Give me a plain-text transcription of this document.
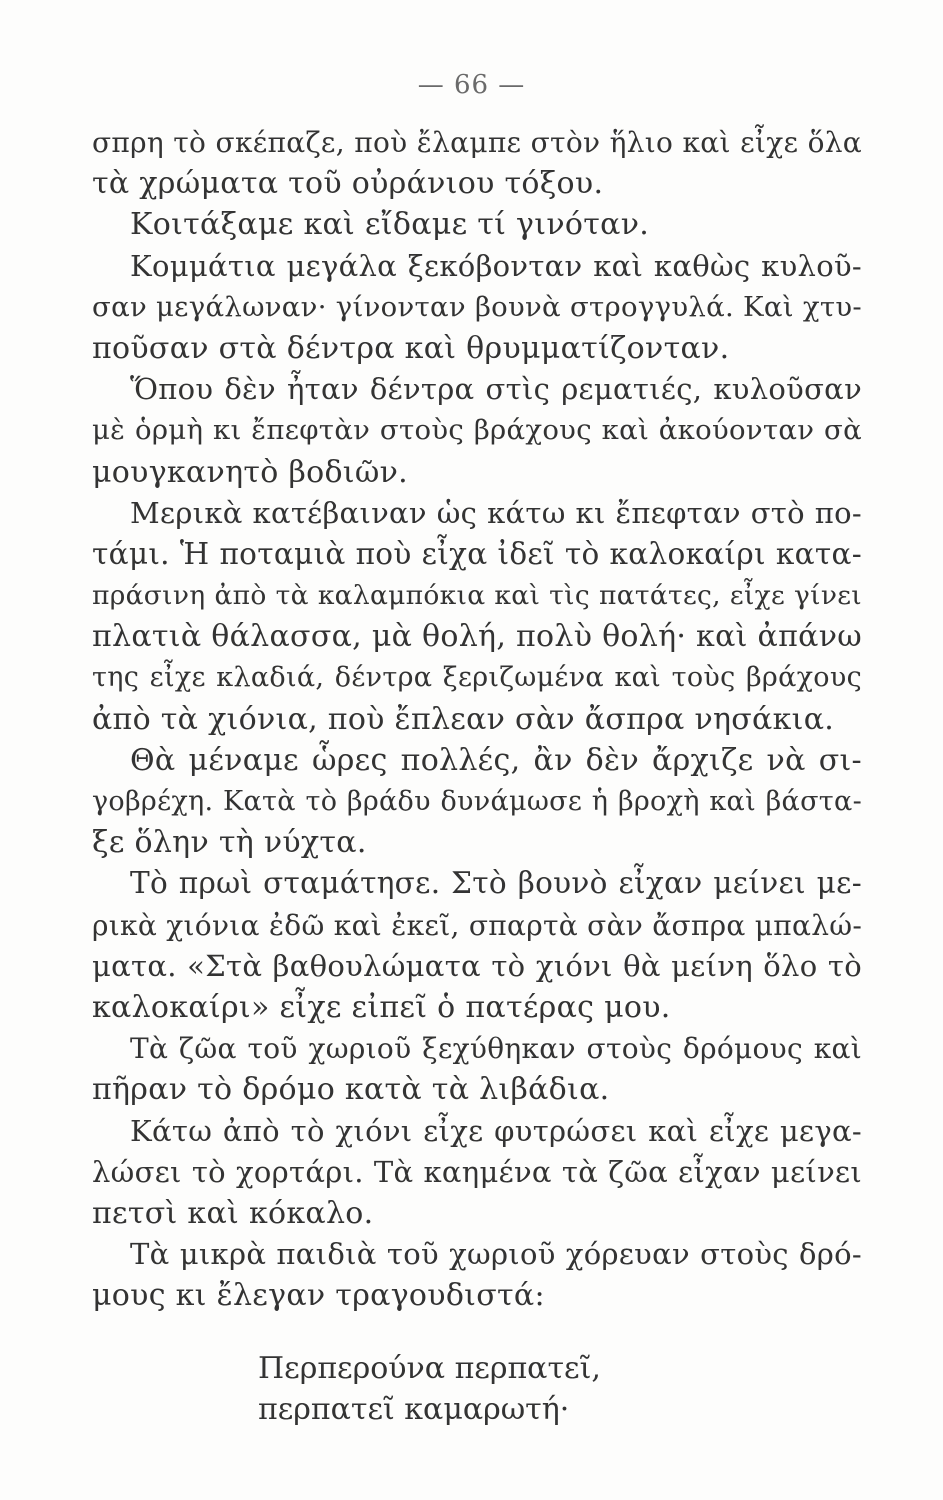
— 66 —
σπρη τὸ σκέπαζε, ποὺ ἔλαμπε στὸν ἥλιο καὶ εἶχε ὅλα
τὰ χρώματα τοῦ οὐράνιου τόξου.
Κοιτάξαμε καὶ εἴδαμε τί γινόταν.
Κομμάτια μεγάλα ξεκόβονταν καὶ καθὼς κυλοῦ-
σαν μεγάλωναν· γίνονταν βουνὰ στρογγυλά. Καὶ χτυ-
ποῦσαν στὰ δέντρα καὶ θρυμματίζονταν.
Ὅπου δὲν ἦταν δέντρα στὶς ρεματιές, κυλοῦσαν
μὲ ὁρμὴ κι ἔπεφτὰν στοὺς βράχους καὶ ἀκούονταν σὰ
μουγκανητὸ βοδιῶν.
Μερικὰ κατέβαιναν ὡς κάτω κι ἔπεφταν στὸ πο-
τάμι. Ἡ ποταμιὰ ποὺ εἶχα ἰδεῖ τὸ καλοκαίρι κατα-
πράσινη ἀπὸ τὰ καλαμπόκια καὶ τὶς πατάτες, εἶχε γίνει
πλατιὰ θάλασσα, μὰ θολή, πολὺ θολή· καὶ ἀπάνω
της εἶχε κλαδιά, δέντρα ξεριζωμένα καὶ τοὺς βράχους
ἀπὸ τὰ χιόνια, ποὺ ἔπλεαν σὰν ἄσπρα νησάκια.
Θὰ μέναμε ὧρες πολλές, ἂν δὲν ἄρχιζε νὰ σι-
γοβρέχη. Κατὰ τὸ βράδυ δυνάμωσε ἡ βροχὴ καὶ βάστα-
ξε ὅλην τὴ νύχτα.
Τὸ πρωὶ σταμάτησε. Στὸ βουνὸ εἶχαν μείνει με-
ρικὰ χιόνια ἐδῶ καὶ ἐκεῖ, σπαρτὰ σὰν ἄσπρα μπαλώ-
ματα. «Στὰ βαθουλώματα τὸ χιόνι θὰ μείνη ὅλο τὸ
καλοκαίρι» εἶχε εἰπεῖ ὁ πατέρας μου.
Τὰ ζῶα τοῦ χωριοῦ ξεχύθηκαν στοὺς δρόμους καὶ
πῆραν τὸ δρόμο κατὰ τὰ λιβάδια.
Κάτω ἀπὸ τὸ χιόνι εἶχε φυτρώσει καὶ εἶχε μεγα-
λώσει τὸ χορτάρι. Τὰ καημένα τὰ ζῶα εἶχαν μείνει
πετσὶ καὶ κόκαλο.
Τὰ μικρὰ παιδιὰ τοῦ χωριοῦ χόρευαν στοὺς δρό-
μους κι ἔλεγαν τραγουδιστά:
Περπερούνα περπατεῖ,
περπατεῖ καμαρωτή·
